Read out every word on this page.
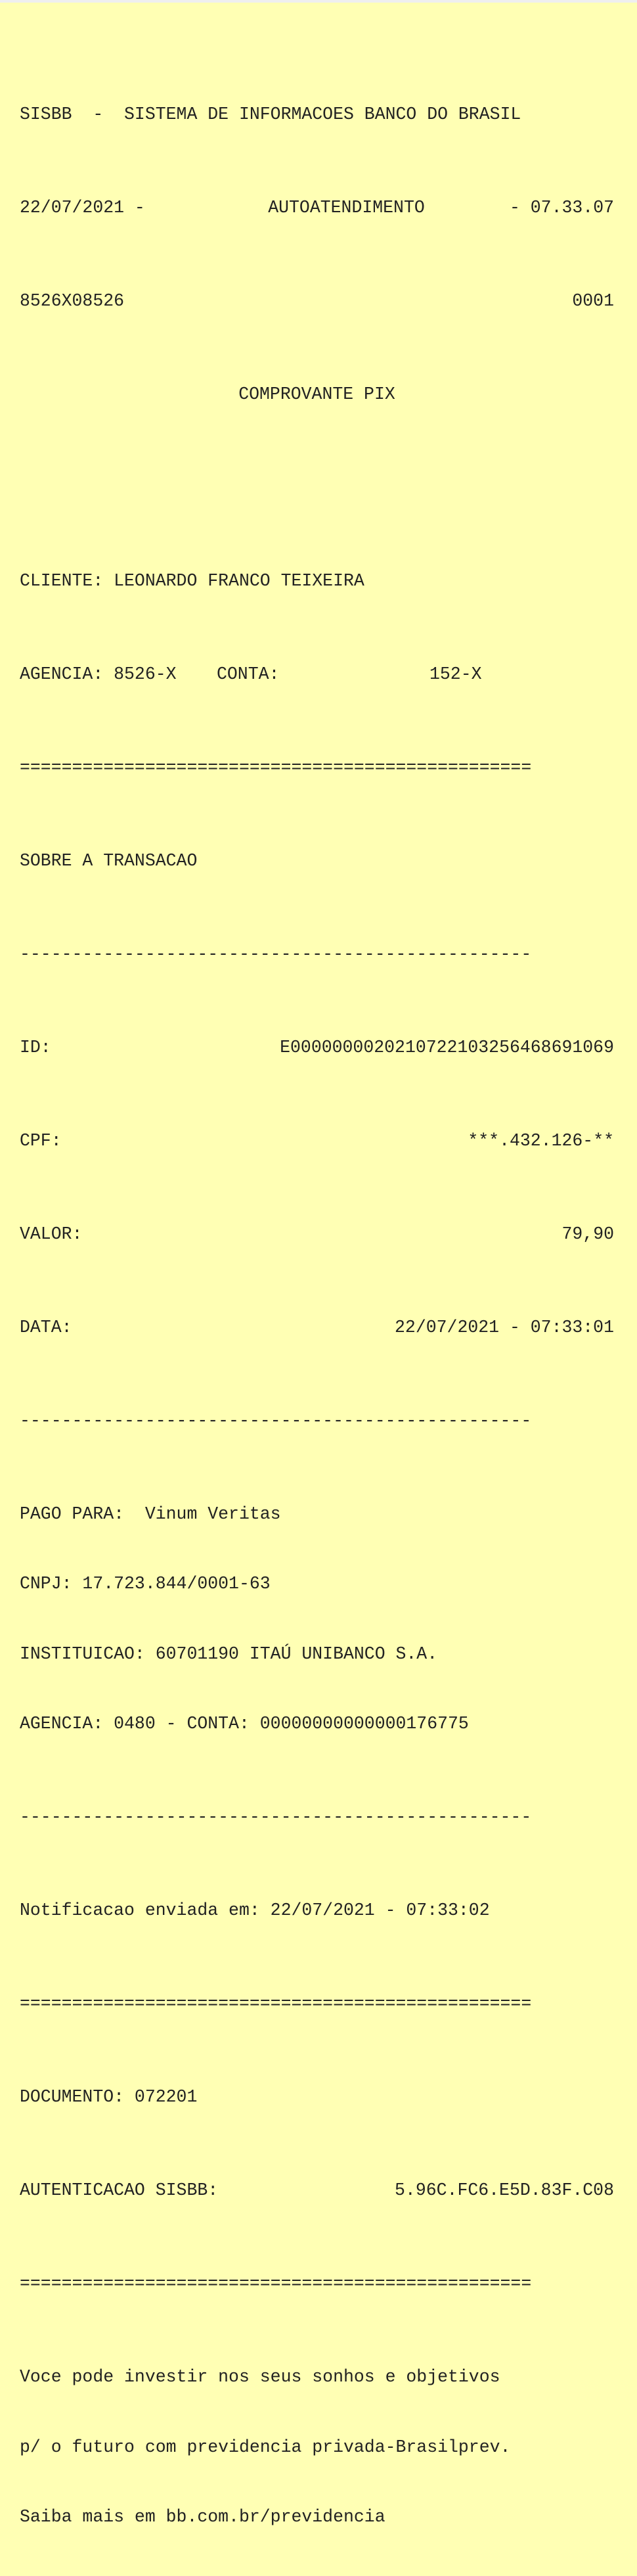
SISBB  -  SISTEMA DE INFORMACOES BANCO DO BRASIL

22/07/2021 -	AUTOATENDIMENTO	- 07.33.07

8526X08526	0001

COMPROVANTE PIX

CLIENTE: LEONARDO FRANCO TEIXEIRA

AGENCIA: 8526-X	CONTA:	152-X

=================================================

SOBRE A TRANSACAO

-------------------------------------------------

ID:	E0000000020210722103256468691069

CPF:	***.432.126-**

VALOR:	79,90

DATA:	22/07/2021 - 07:33:01

-------------------------------------------------

PAGO PARA:  Vinum Veritas

CNPJ: 17.723.844/0001-63

INSTITUICAO: 60701190 ITAÚ UNIBANCO S.A.

AGENCIA: 0480 - CONTA: 00000000000000176775

-------------------------------------------------

Notificacao enviada em: 22/07/2021 - 07:33:02

=================================================

DOCUMENTO: 072201

AUTENTICACAO SISBB:	5.96C.FC6.E5D.83F.C08

=================================================

Voce pode investir nos seus sonhos e objetivos

p/ o futuro com previdencia privada-Brasilprev.

Saiba mais em bb.com.br/previdencia
